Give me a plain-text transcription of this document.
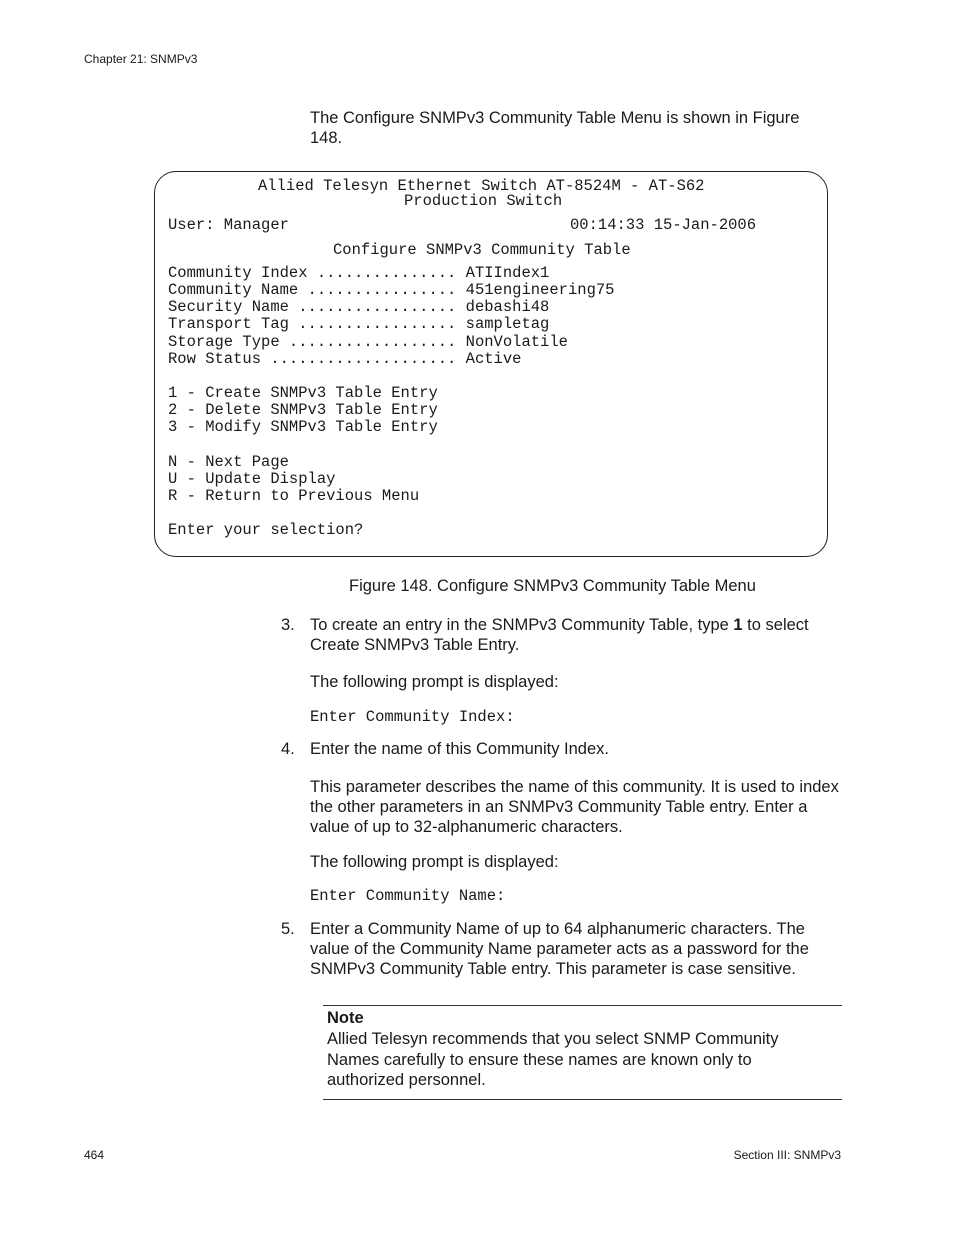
Chapter 21: SNMPv3
The Configure SNMPv3 Community Table Menu is shown in Figure 148.
Allied Telesyn Ethernet Switch AT-8524M - AT-S62
Production Switch
User: Manager	00:14:33 15-Jan-2006
Configure SNMPv3 Community Table
Community Index ............... ATIIndex1
Community Name ................ 451engineering75
Security Name ................. debashi48
Transport Tag ................. sampletag
Storage Type .................. NonVolatile
Row Status .................... Active
1 - Create SNMPv3 Table Entry
2 - Delete SNMPv3 Table Entry
3 - Modify SNMPv3 Table Entry
N - Next Page
U - Update Display
R - Return to Previous Menu
Enter your selection?
Figure 148. Configure SNMPv3 Community Table Menu
3. To create an entry in the SNMPv3 Community Table, type 1 to select Create SNMPv3 Table Entry.
The following prompt is displayed:
Enter Community Index:
4. Enter the name of this Community Index.
This parameter describes the name of this community. It is used to index the other parameters in an SNMPv3 Community Table entry. Enter a value of up to 32-alphanumeric characters.
The following prompt is displayed:
Enter Community Name:
5. Enter a Community Name of up to 64 alphanumeric characters. The value of the Community Name parameter acts as a password for the SNMPv3 Community Table entry. This parameter is case sensitive.
Note
Allied Telesyn recommends that you select SNMP Community Names carefully to ensure these names are known only to authorized personnel.
464	Section III: SNMPv3
